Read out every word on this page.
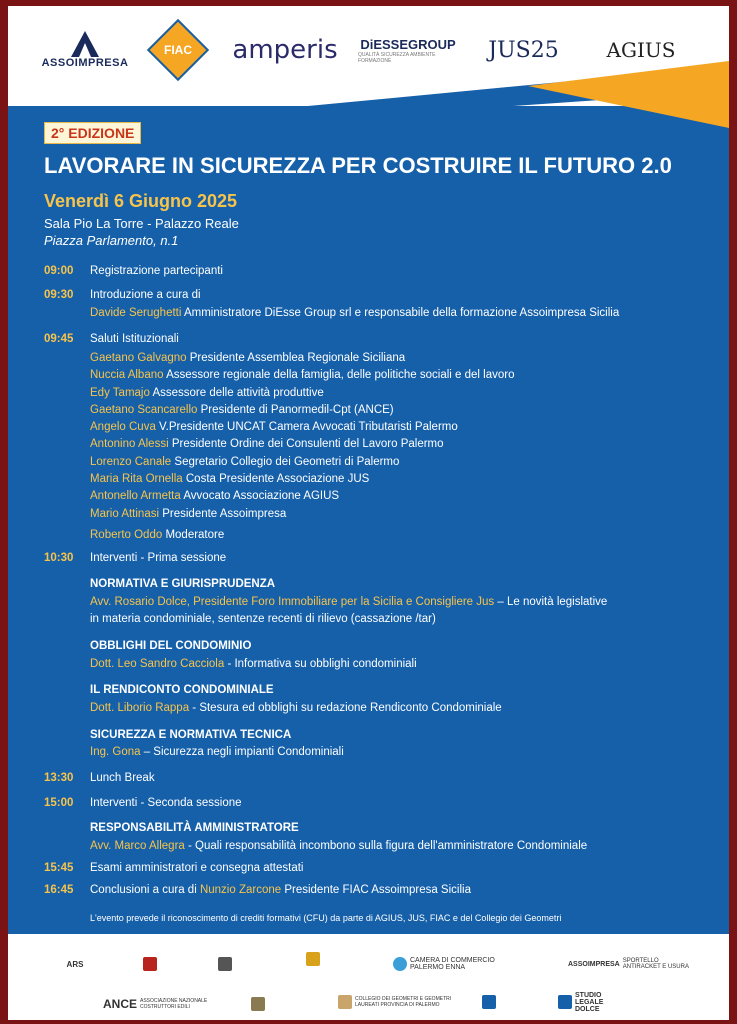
ASSOIMPRESA
FIAC amperis DiESSEGROUP
QUALITÀ SICUREZZA AMBIENTE FORMAZIONE	JUS25 AGIUS
2° EDIZIONE
LAVORARE IN SICUREZZA PER COSTRUIRE IL FUTURO 2.0
Venerdì 6 Giugno 2025
Sala Pio La Torre - Palazzo Reale
Piazza Parlamento, n.1
09:00	Registrazione partecipanti
09:30	Introduzione a cura di
Davide Serughetti Amministratore DiEsse Group srl e responsabile della formazione Assoimpresa Sicilia
09:45	Saluti Istituzionali
Gaetano Galvagno Presidente Assemblea Regionale Siciliana
Nuccia Albano Assessore regionale della famiglia, delle politiche sociali e del lavoro
Edy Tamajo Assessore delle attività produttive
Gaetano Scancarello Presidente di Panormedil-Cpt (ANCE)
Angelo Cuva V.Presidente UNCAT Camera Avvocati Tributaristi Palermo
Antonino Alessi Presidente Ordine dei Consulenti del Lavoro Palermo
Lorenzo Canale Segretario Collegio dei Geometri di Palermo
Maria Rita Ornella Costa Presidente Associazione JUS
Antonello Armetta Avvocato Associazione AGIUS
Mario Attinasi Presidente Assoimpresa
Roberto Oddo Moderatore
10:30	Interventi - Prima sessione
NORMATIVA E GIURISPRUDENZA
Avv. Rosario Dolce, Presidente Foro Immobiliare per la Sicilia e Consigliere Jus – Le novità legislative
in materia condominiale, sentenze recenti di rilievo (cassazione /tar)
OBBLIGHI DEL CONDOMINIO
Dott. Leo Sandro Cacciola - Informativa su obblighi condominiali
IL RENDICONTO CONDOMINIALE
Dott. Liborio Rappa - Stesura ed obblighi su redazione Rendiconto Condominiale
SICUREZZA E NORMATIVA TECNICA
Ing. Gona – Sicurezza negli impianti Condominiali
13:30	Lunch Break
15:00	Interventi - Seconda sessione
RESPONSABILITÀ AMMINISTRATORE
Avv. Marco Allegra - Quali responsabilità incombono sulla figura dell'amministratore Condominiale
15:45	Esami amministratori e consegna attestati
16:45	Conclusioni a cura di Nunzio Zarcone Presidente FIAC Assoimpresa Sicilia
L'evento prevede il riconoscimento di crediti formativi (CFU) da parte di AGIUS, JUS, FIAC e del Collegio dei Geometri
ARS	CAMERA DI COMMERCIO PALERMO ENNA	ASSOIMPRESA SPORTELLO ANTIRACKET E USURA
ANCE ASSOCIAZIONE NAZIONALE COSTRUTTORI EDILI
COLLEGIO DEI GEOMETRI E GEOMETRI LAUREATI PROVINCIA DI PALERMO
STUDIO LEGALE DOLCE
